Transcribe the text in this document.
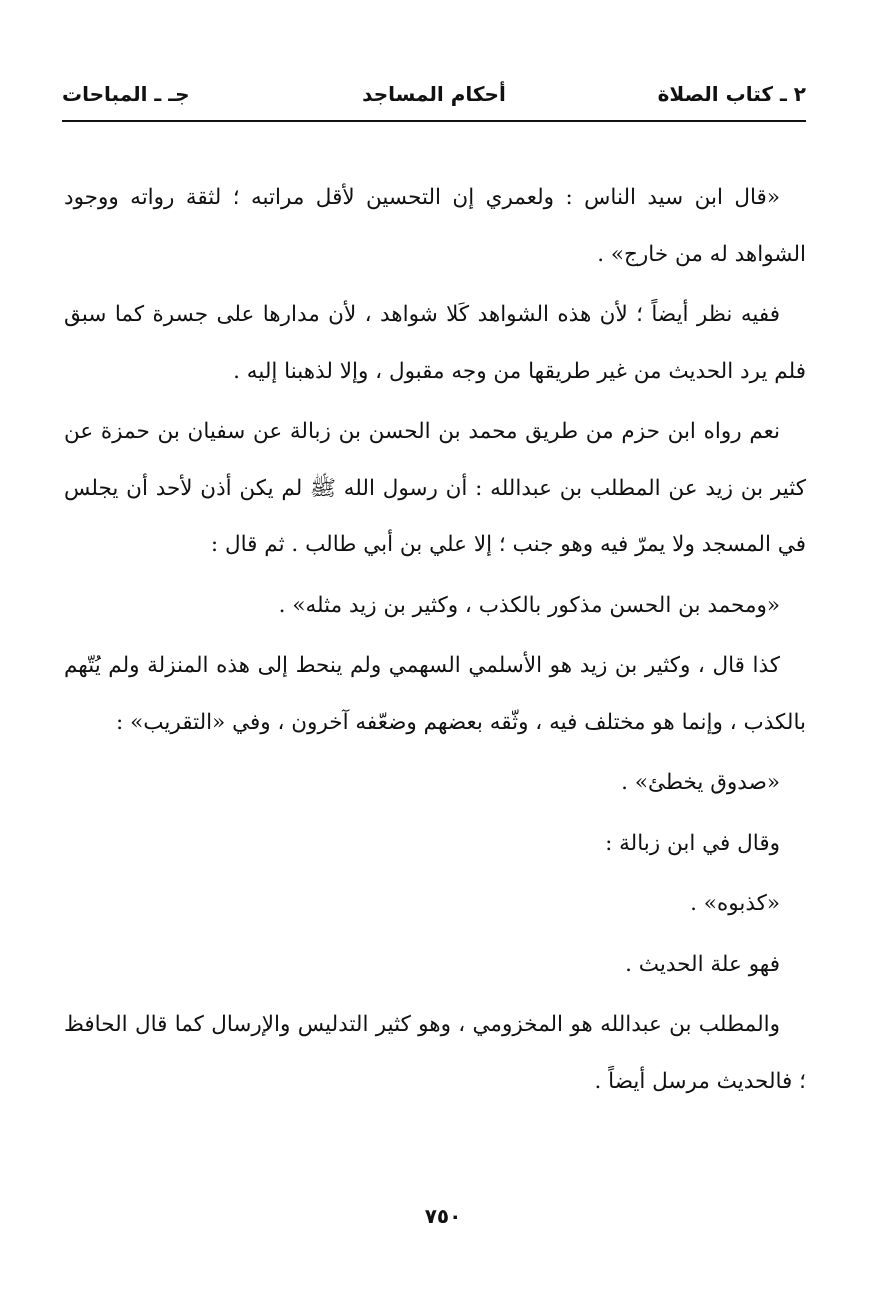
٢ ـ كتاب الصلاة
أحكام المساجد
جـ ـ المباحات

«قال ابن سيد الناس : ولعمري إن التحسين لأقل مراتبه ؛ لثقة رواته ووجود الشواهد له من خارج» .

ففيه نظر أيضاً ؛ لأن هذه الشواهد كَلا شواهد ، لأن مدارها على جسرة كما سبق فلم يرد الحديث من غير طريقها من وجه مقبول ، وإلا لذهبنا إليه .

نعم رواه ابن حزم من طريق محمد بن الحسن بن زبالة عن سفيان بن حمزة عن كثير بن زيد عن المطلب بن عبدالله : أن رسول الله ﷺ لم يكن أذن لأحد أن يجلس في المسجد ولا يمرّ فيه وهو جنب ؛ إلا علي بن أبي طالب . ثم قال :

«ومحمد بن الحسن مذكور بالكذب ، وكثير بن زيد مثله» .

كذا قال ، وكثير بن زيد هو الأسلمي السهمي ولم ينحط إلى هذه المنزلة ولم يُتّهم بالكذب ، وإنما هو مختلف فيه ، وثّقه بعضهم وضعّفه آخرون ، وفي «التقريب» :

«صدوق يخطئ» .

وقال في ابن زبالة :

«كذبوه» .

فهو علة الحديث .

والمطلب بن عبدالله هو المخزومي ، وهو كثير التدليس والإرسال كما قال الحافظ ؛ فالحديث مرسل أيضاً .

٧٥٠
